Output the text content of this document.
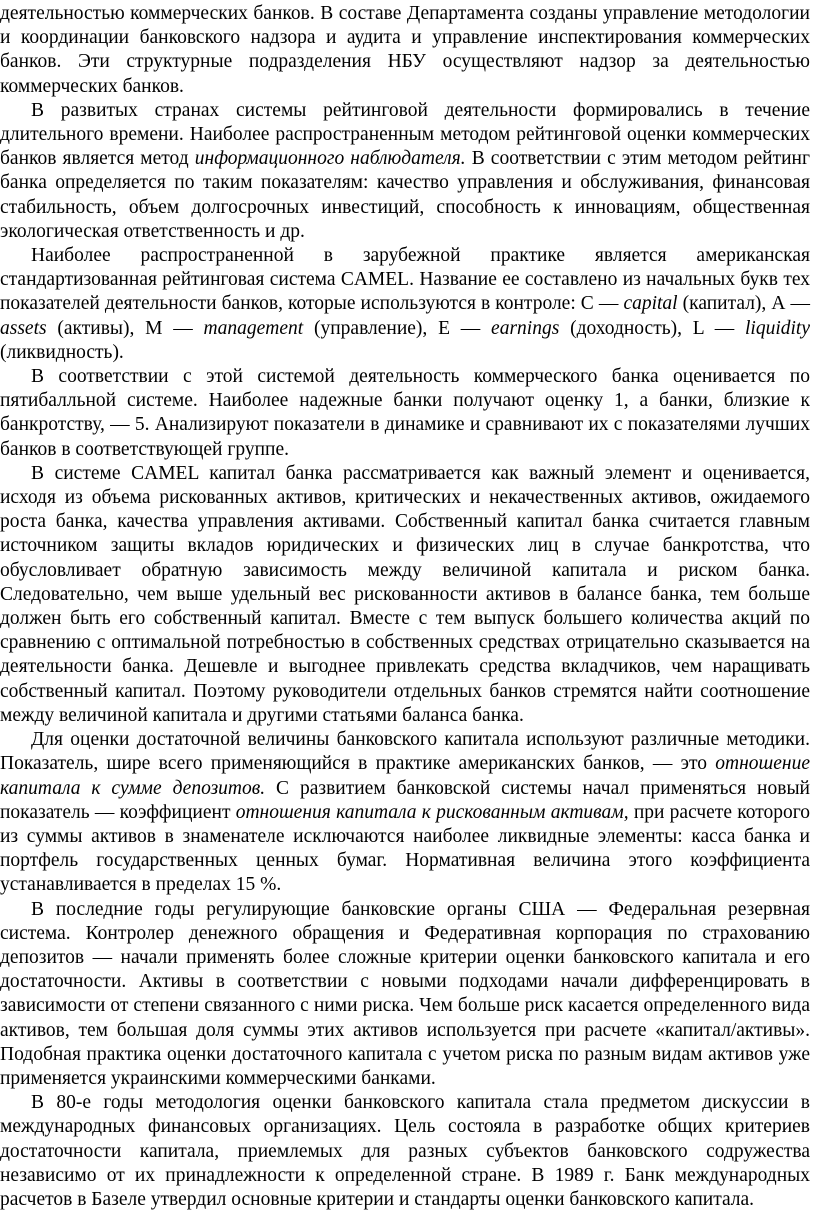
деятельностью коммерческих банков. В составе Департамента созданы управление методологии и координации банковского надзора и аудита и управление инспектирования коммерческих банков. Эти структурные подразделения НБУ осуществляют надзор за деятельностью коммерческих банков.

В развитых странах системы рейтинговой деятельности формировались в течение длительного времени. Наиболее распространенным методом рейтинговой оценки коммерческих банков является метод информационного наблюдателя. В соответствии с этим методом рейтинг банка определяется по таким показателям: качество управления и обслуживания, финансовая стабильность, объем долгосрочных инвестиций, способность к инновациям, общественная экологическая ответственность и др.

Наиболее распространенной в зарубежной практике является американская стандартизованная рейтинговая система CAMEL. Название ее составлено из начальных букв тех показателей деятельности банков, которые используются в контроле: С — capital (капитал), А — assets (активы), М — management (управление), Е — earnings (доходность), L — liquidity (ликвидность).

В соответствии с этой системой деятельность коммерческого банка оценивается по пятибалльной системе. Наиболее надежные банки получают оценку 1, а банки, близкие к банкротству, — 5. Анализируют показатели в динамике и сравнивают их с показателями лучших банков в соответствующей группе.

В системе CAMEL капитал банка рассматривается как важный элемент и оценивается, исходя из объема рискованных активов, критических и некачественных активов, ожидаемого роста банка, качества управления активами. Собственный капитал банка считается главным источником защиты вкладов юридических и физических лиц в случае банкротства, что обусловливает обратную зависимость между величиной капитала и риском банка. Следовательно, чем выше удельный вес рискованности активов в балансе банка, тем больше должен быть его собственный капитал. Вместе с тем выпуск большего количества акций по сравнению с оптимальной потребностью в собственных средствах отрицательно сказывается на деятельности банка. Дешевле и выгоднее привлекать средства вкладчиков, чем наращивать собственный капитал. Поэтому руководители отдельных банков стремятся найти соотношение между величиной капитала и другими статьями баланса банка.

Для оценки достаточной величины банковского капитала используют различные методики. Показатель, шире всего применяющийся в практике американских банков, — это отношение капитала к сумме депозитов. С развитием банковской системы начал применяться новый показатель — коэффициент отношения капитала к рискованным активам, при расчете которого из суммы активов в знаменателе исключаются наиболее ликвидные элементы: касса банка и портфель государственных ценных бумаг. Нормативная величина этого коэффициента устанавливается в пределах 15 %.

В последние годы регулирующие банковские органы США — Федеральная резервная система. Контролер денежного обращения и Федеративная корпорация по страхованию депозитов — начали применять более сложные критерии оценки банковского капитала и его достаточности. Активы в соответствии с новыми подходами начали дифференцировать в зависимости от степени связанного с ними риска. Чем больше риск касается определенного вида активов, тем большая доля суммы этих активов используется при расчете «капитал/активы». Подобная практика оценки достаточного капитала с учетом риска по разным видам активов уже применяется украинскими коммерческими банками.

В 80-е годы методология оценки банковского капитала стала предметом дискуссии в международных финансовых организациях. Цель состояла в разработке общих критериев достаточности капитала, приемлемых для разных субъектов банковского содружества независимо от их принадлежности к определенной стране. В 1989 г. Банк международных расчетов в Базеле утвердил основные критерии и стандарты оценки банковского капитала.
